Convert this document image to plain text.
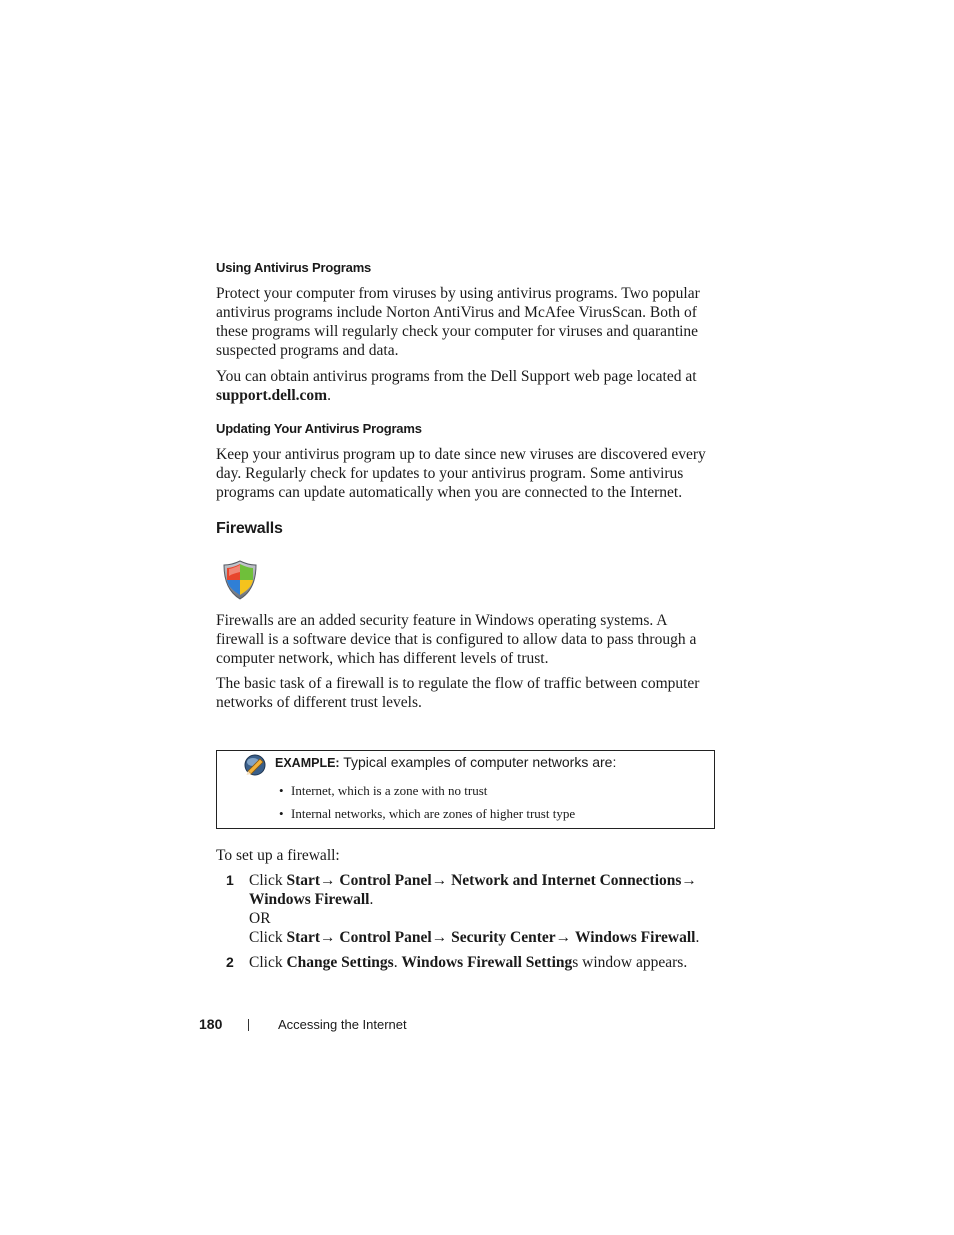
Using Antivirus Programs

Protect your computer from viruses by using antivirus programs. Two popular antivirus programs include Norton AntiVirus and McAfee VirusScan. Both of these programs will regularly check your computer for viruses and quarantine suspected programs and data.

You can obtain antivirus programs from the Dell Support web page located at support.dell.com.

Updating Your Antivirus Programs
Keep your antivirus program up to date since new viruses are discovered every day. Regularly check for updates to your antivirus program. Some antivirus programs can update automatically when you are connected to the Internet.
Firewalls

Firewalls are an added security feature in Windows operating systems. A firewall is a software device that is configured to allow data to pass through a computer network, which has different levels of trust.

The basic task of a firewall is to regulate the flow of traffic between computer networks of different trust levels.

EXAMPLE: Typical examples of computer networks are:
• Internet, which is a zone with no trust
• Internal networks, which are zones of higher trust type
To set up a firewall:
1 Click Start→ Control Panel→ Network and Internet Connections→
Windows Firewall.
OR
Click Start→ Control Panel→ Security Center→ Windows Firewall.
2 Click Change Settings. Windows Firewall Settings window appears.
180	Accessing the Internet
